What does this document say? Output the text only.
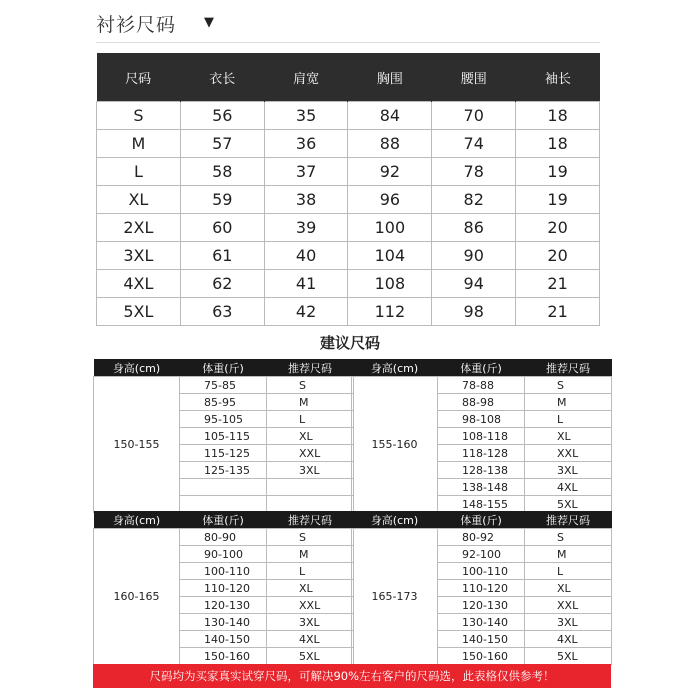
衬衫尺码 ▼
尺码	衣长	肩宽	胸围	腰围	袖长
S	56	35	84	70	18
M	57	36	88	74	18
L	58	37	92	78	19
XL	59	38	96	82	19
2XL	60	39	100	86	20
3XL	61	40	104	90	20
4XL	62	41	108	94	21
5XL	63	42	112	98	21
建议尺码
身高(cm)	体重(斤)	推荐尺码
150-155	75-85	S
	85-95	M
	95-105	L
	105-115	XL
	115-125	XXL
	125-135	3XL

身高(cm)	体重(斤)	推荐尺码
155-160	78-88	S
	88-98	M
	98-108	L
	108-118	XL
	118-128	XXL
	128-138	3XL
	138-148	4XL
	148-155	5XL
身高(cm)	体重(斤)	推荐尺码
160-165	80-90	S
	90-100	M
	100-110	L
	110-120	XL
	120-130	XXL
	130-140	3XL
	140-150	4XL
	150-160	5XL
身高(cm)	体重(斤)	推荐尺码
165-173	80-92	S
	92-100	M
	100-110	L
	110-120	XL
	120-130	XXL
	130-140	3XL
	140-150	4XL
	150-160	5XL
尺码均为买家真实试穿尺码，可解决90%左右客户的尺码选，此表格仅供参考！
